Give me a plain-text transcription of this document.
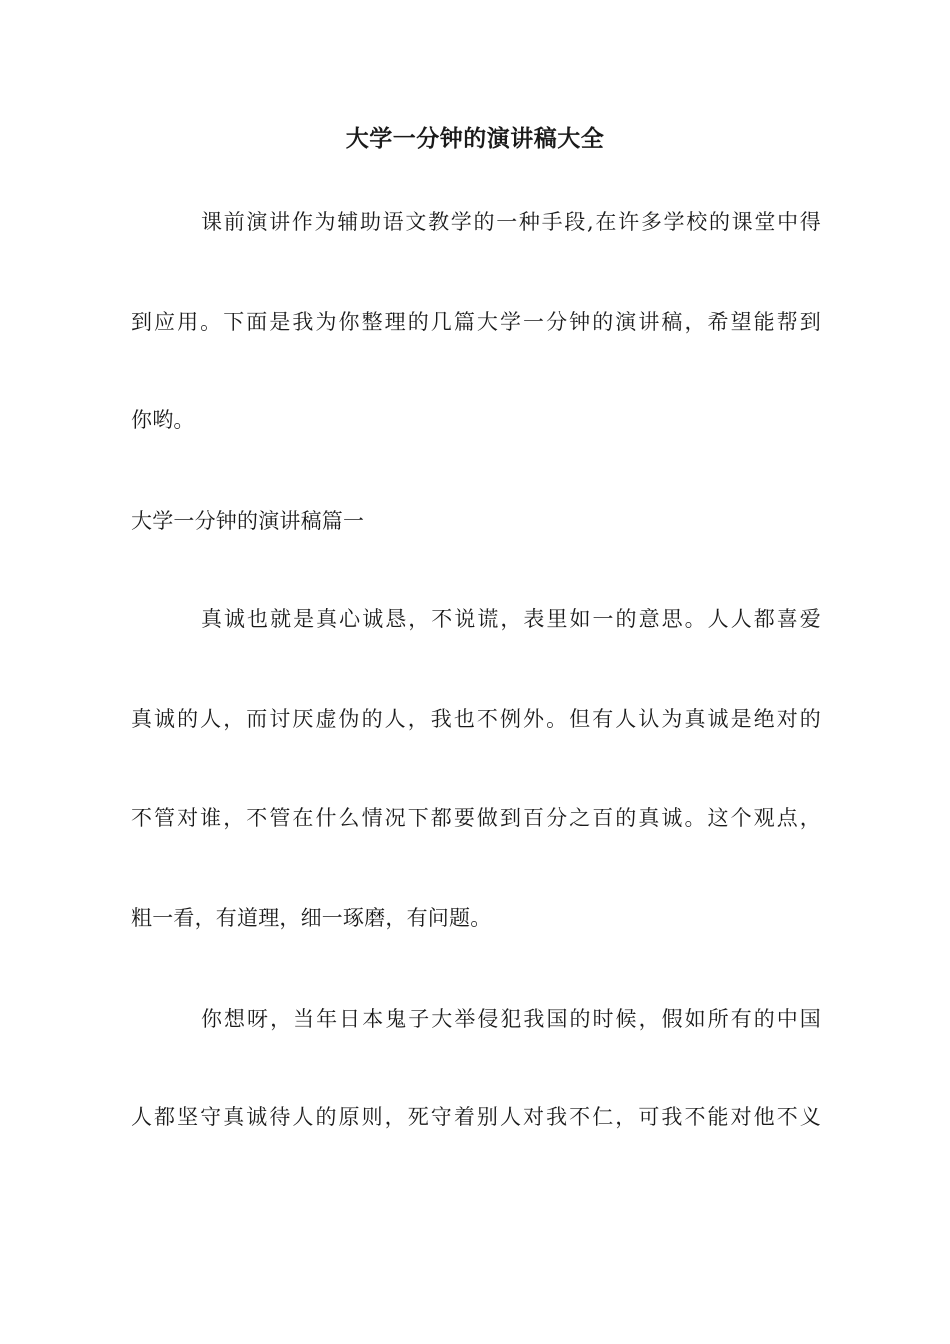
大学一分钟的演讲稿大全
课前演讲作为辅助语文教学的一种手段,在许多学校的课堂中得
到应用。下面是我为你整理的几篇大学一分钟的演讲稿，希望能帮到
你哟。
大学一分钟的演讲稿篇一
真诚也就是真心诚恳，不说谎，表里如一的意思。人人都喜爱
真诚的人，而讨厌虚伪的人，我也不例外。但有人认为真诚是绝对的
不管对谁，不管在什么情况下都要做到百分之百的真诚。这个观点，
粗一看，有道理，细一琢磨，有问题。
你想呀，当年日本鬼子大举侵犯我国的时候，假如所有的中国
人都坚守真诚待人的原则，死守着别人对我不仁，可我不能对他不义
